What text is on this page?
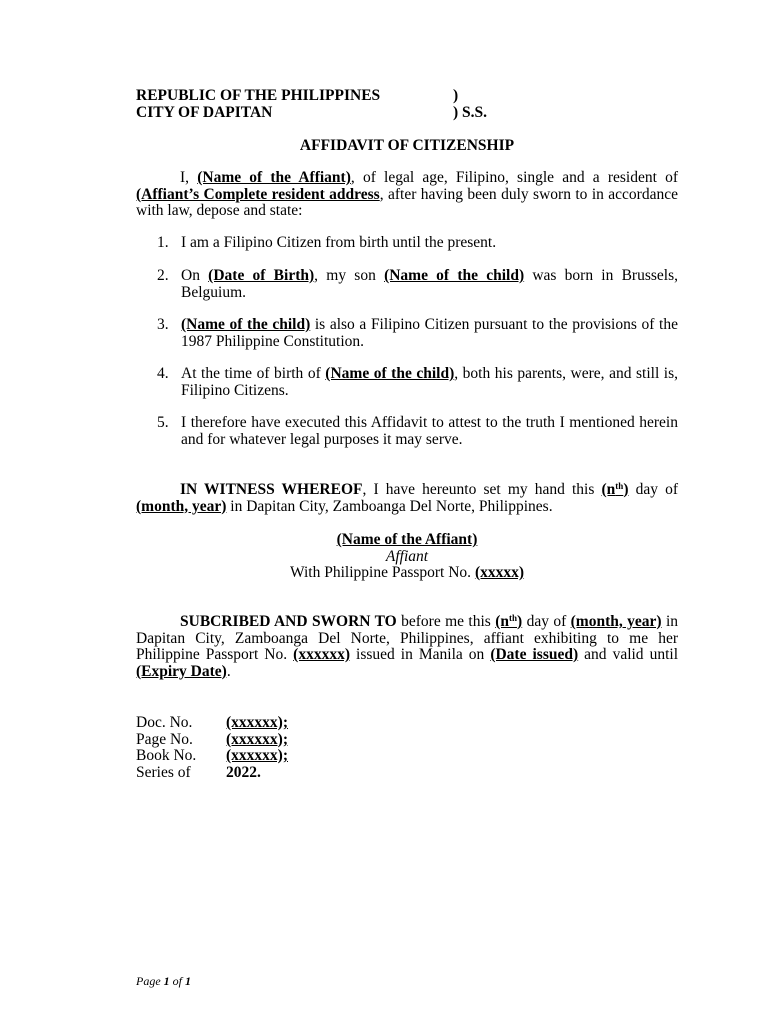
REPUBLIC OF THE PHILIPPINES	)
CITY OF DAPITAN	) S.S.
AFFIDAVIT OF CITIZENSHIP
I, (Name of the Affiant), of legal age, Filipino, single and a resident of (Affiant’s Complete resident address, after having been duly sworn to in accordance with law, depose and state:
1. I am a Filipino Citizen from birth until the present.
2. On (Date of Birth), my son (Name of the child) was born in Brussels, Belguium.
3. (Name of the child) is also a Filipino Citizen pursuant to the provisions of the 1987 Philippine Constitution.
4. At the time of birth of (Name of the child), both his parents, were, and still is, Filipino Citizens.
5. I therefore have executed this Affidavit to attest to the truth I mentioned herein and for whatever legal purposes it may serve.
IN WITNESS WHEREOF, I have hereunto set my hand this $(n^{th})$ day of (month, year) in Dapitan City, Zamboanga Del Norte, Philippines.
(Name of the Affiant)
Affiant
With Philippine Passport No. (xxxxx)
SUBCRIBED AND SWORN TO before me this $(n^{th})$ day of (month, year) in Dapitan City, Zamboanga Del Norte, Philippines, affiant exhibiting to me her Philippine Passport No. (xxxxxx) issued in Manila on (Date issued) and valid until (Expiry Date).
Doc. No. (xxxxxx);
Page No. (xxxxxx);
Book No. (xxxxxx);
Series of 2022.
Page 1 of 1
